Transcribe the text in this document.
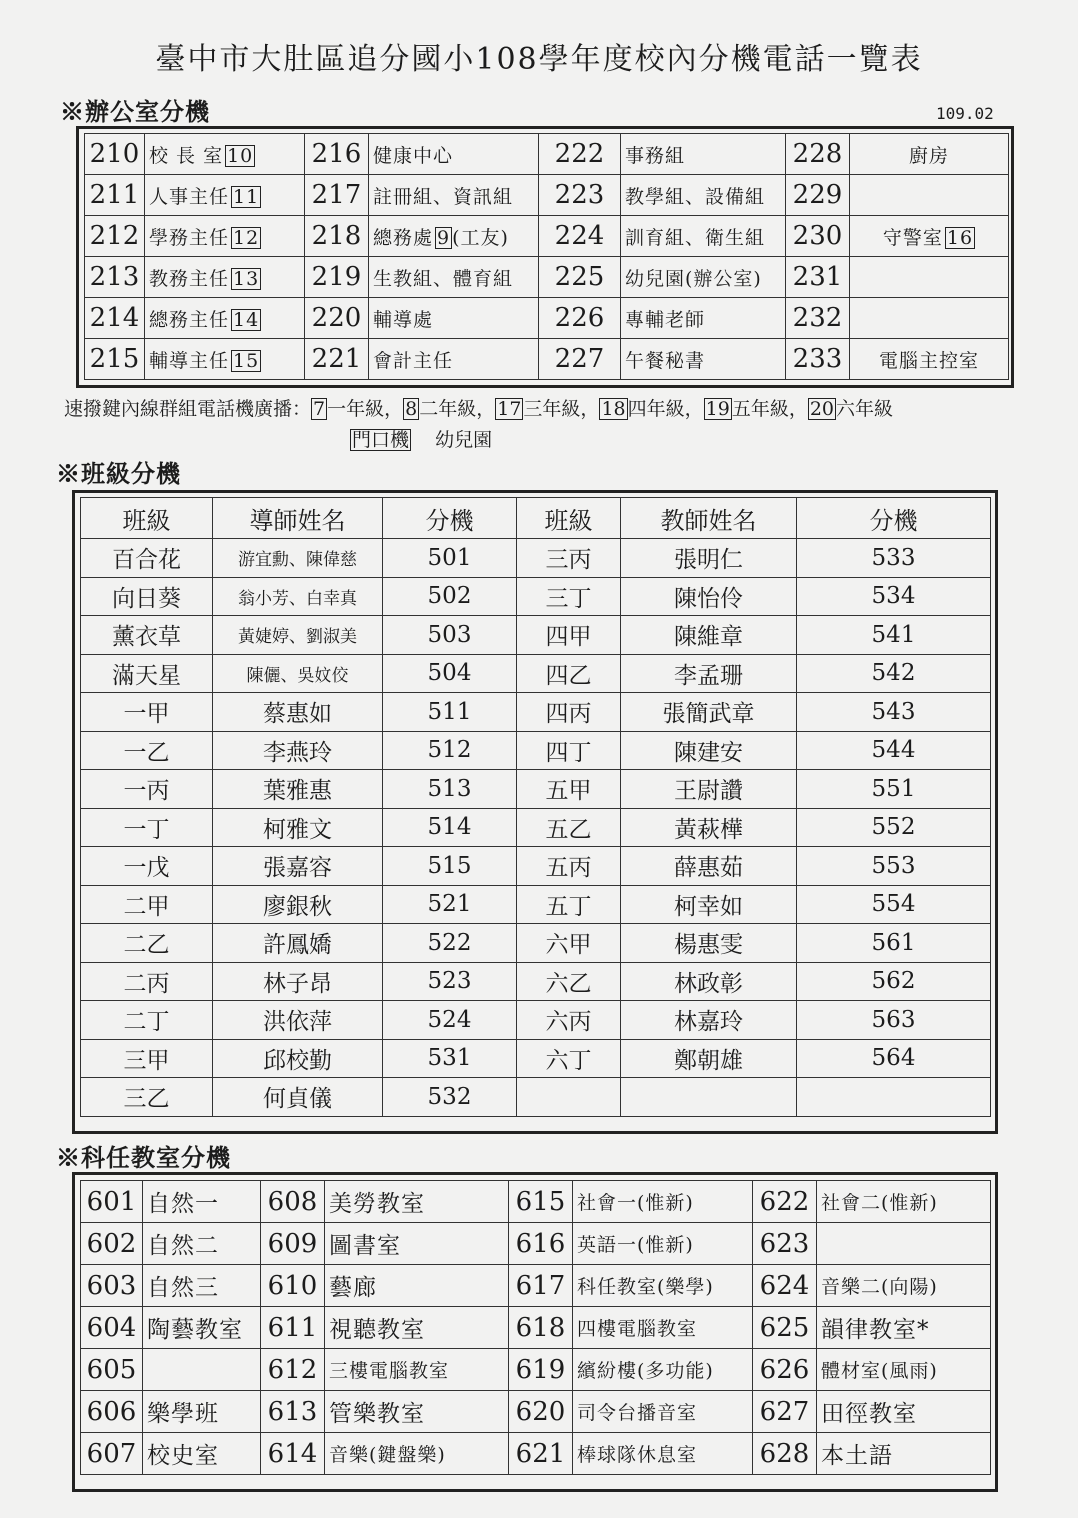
臺中市大肚區追分國小108學年度校內分機電話一覽表
※辦公室分機	109.02
210	校 長 室 10	216	健康中心	222	事務組	228	廚房
211	人事主任 11	217	註冊組、資訊組	223	教學組、設備組	229	
212	學務主任 12	218	總務處 9 (工友)	224	訓育組、衛生組	230	守警室 16
213	教務主任 13	219	生教組、體育組	225	幼兒園(辦公室)	231	
214	總務主任 14	220	輔導處	226	專輔老師	232	
215	輔導主任 15	221	會計主任	227	午餐秘書	233	電腦主控室
速撥鍵內線群組電話機廣播： 7 一年級， 8 二年級， 17 三年級， 18 四年級， 19 五年級， 20 六年級
門口機 幼兒園
※班級分機
班級	導師姓名	分機	班級	教師姓名	分機
百合花	游宜勳、陳偉慈	501	三丙	張明仁	533
向日葵	翁小芳、白幸真	502	三丁	陳怡伶	534
薰衣草	黃婕婷、劉淑美	503	四甲	陳維章	541
滿天星	陳儷、吳妏佼	504	四乙	李孟珊	542
一甲	蔡惠如	511	四丙	張簡武章	543
一乙	李燕玲	512	四丁	陳建安	544
一丙	葉雅惠	513	五甲	王尉讚	551
一丁	柯雅文	514	五乙	黃萩樺	552
一戊	張嘉容	515	五丙	薛惠茹	553
二甲	廖銀秋	521	五丁	柯幸如	554
二乙	許鳳嬌	522	六甲	楊惠雯	561
二丙	林子昂	523	六乙	林政彰	562
二丁	洪依萍	524	六丙	林嘉玲	563
三甲	邱校勤	531	六丁	鄭朝雄	564
三乙	何貞儀	532			
※科任教室分機
601	自然一	608	美勞教室	615	社會一(惟新)	622	社會二(惟新)
602	自然二	609	圖書室	616	英語一(惟新)	623	
603	自然三	610	藝廊	617	科任教室(樂學)	624	音樂二(向陽)
604	陶藝教室	611	視聽教室	618	四樓電腦教室	625	韻律教室*
605		612	三樓電腦教室	619	繽紛樓(多功能)	626	體材室(風雨)
606	樂學班	613	管樂教室	620	司令台播音室	627	田徑教室
607	校史室	614	音樂(鍵盤樂)	621	棒球隊休息室	628	本土語
